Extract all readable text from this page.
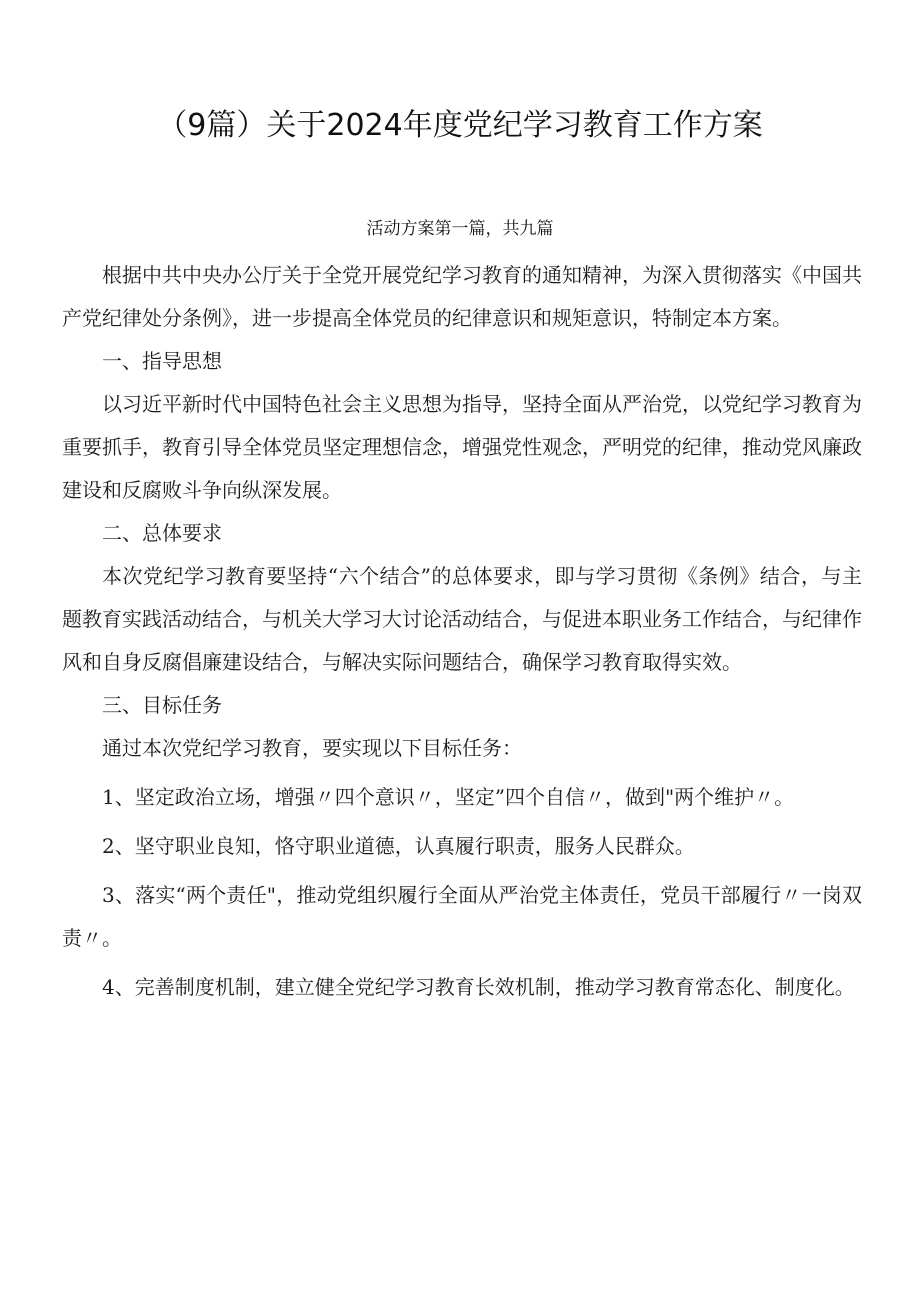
（9篇）关于2024年度党纪学习教育工作方案
活动方案第一篇，共九篇

根据中共中央办公厅关于全党开展党纪学习教育的通知精神，为深入贯彻落实《中国共产党纪律处分条例》，进一步提高全体党员的纪律意识和规矩意识，特制定本方案。

一、指导思想

以习近平新时代中国特色社会主义思想为指导，坚持全面从严治党，以党纪学习教育为重要抓手，教育引导全体党员坚定理想信念，增强党性观念，严明党的纪律，推动党风廉政建设和反腐败斗争向纵深发展。

二、总体要求

本次党纪学习教育要坚持“六个结合”的总体要求，即与学习贯彻《条例》结合，与主题教育实践活动结合，与机关大学习大讨论活动结合，与促进本职业务工作结合，与纪律作风和自身反腐倡廉建设结合，与解决实际问题结合，确保学习教育取得实效。

三、目标任务

通过本次党纪学习教育，要实现以下目标任务：

1、坚定政治立场，增强〃四个意识〃，坚定”四个自信〃，做到"两个维护〃。

2、坚守职业良知，恪守职业道德，认真履行职责，服务人民群众。

3、落实“两个责任"，推动党组织履行全面从严治党主体责任，党员干部履行〃一岗双责〃。

4、完善制度机制，建立健全党纪学习教育长效机制，推动学习教育常态化、制度化。
